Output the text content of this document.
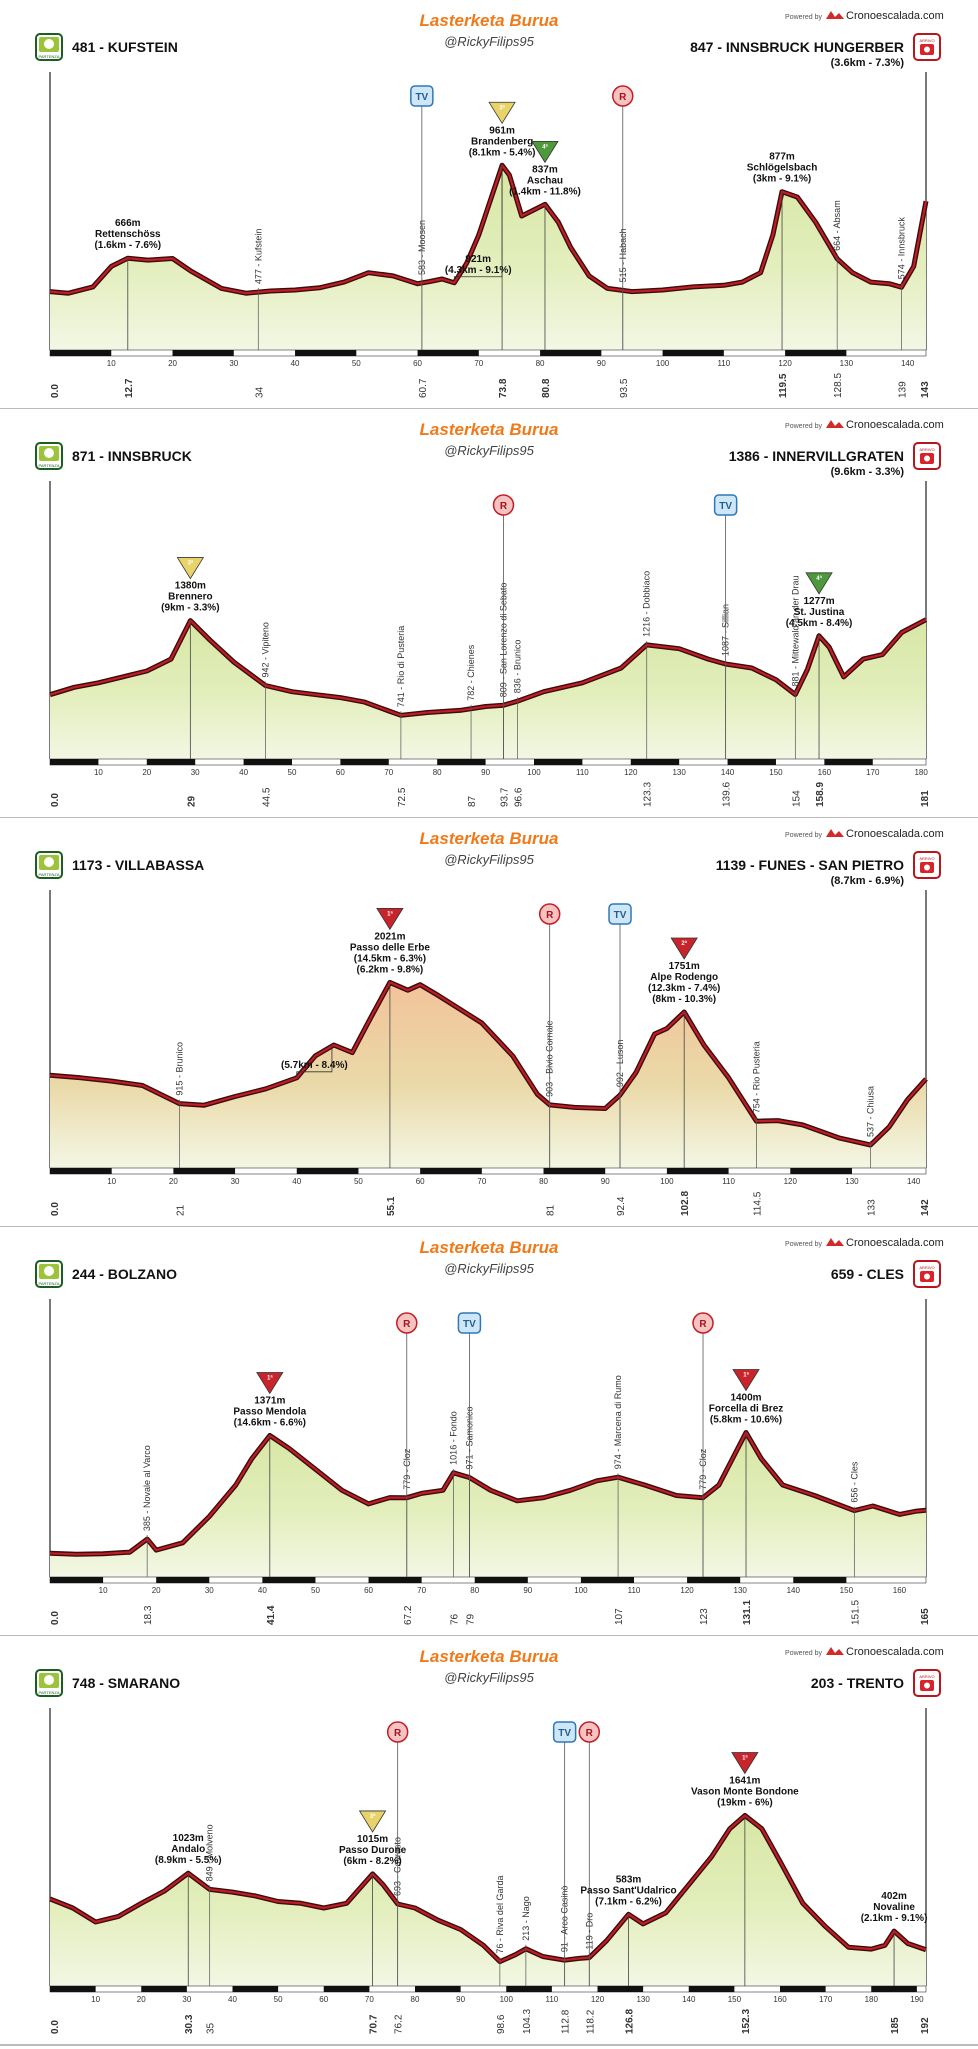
Lasterketa Burua
@RickyFilips95
Powered by Cronoescalada.com
PARTENZA
481 - KUFSTEIN	ARRIVO
847 - INNSBRUCK HUNGERBER
(3.6km - 7.3%)
10	20	30	40	50	60	70	80	90	100	110	120	130	140
0.0	12.7	34	60.7	73.8	80.8	93.5	119.5	128.5	139 143
477 - Kufstein	583 - Moosen	515 - Habach
664 - Absam	574 - Innsbruck
TV	R
666m
Rettenschöss
(1.6km - 7.6%)
961m
Brandenberg
(8.1km - 5.4%)
3ª
921m
(4.3km - 9.1%)
837m
Aschau
(1.4km - 11.8%)
4ª
877m
Schlögelsbach
(3km - 9.1%)
Lasterketa Burua
@RickyFilips95
Powered by Cronoescalada.com
PARTENZA
871 - INNSBRUCK	ARRIVO
1386 - INNERVILLGRATEN
(9.6km - 3.3%)
10	20	30	40	50	60	70	80	90	100	110	120	130	140	150	160	170	180
0.0	29	44.5	72.5	87 93.7 96.6	123.3	139.6	154 158.9	181
942 - Vipiteno	741 - Rio di Pusteria	782 - Chienes 809 - San Lorenzo di Sebato 836 - Brunico
1216 - Dobbiaco	1087 - Sillian	881 - Mittewald an der Drau
R	TV
1380m
Brennero
(9km - 3.3%)
3ª
1277m
St. Justina
(4.5km - 8.4%)
4ª
Lasterketa Burua
@RickyFilips95
Powered by Cronoescalada.com
PARTENZA
1173 - VILLABASSA	ARRIVO
1139 - FUNES - SAN PIETRO
(8.7km - 6.9%)
10	20	30	40	50	60	70	80	90	100	110	120	130	140
0.0	21	55.1	81	92.4	102.8	114.5	133	142
915 - Brunico	903 - Bivio Cornale	992 - Luson	754 - Rio Pusteria	537 - Chiusa
R	TV
2021m
Passo delle Erbe
(14.5km - 6.3%)
(6.2km - 9.8%)
1ª
1751m
Alpe Rodengo
(12.3km - 7.4%)
(8km - 10.3%)
2ª
(5.7km - 8.4%)
Lasterketa Burua
@RickyFilips95
Powered by Cronoescalada.com
PARTENZA
244 - BOLZANO	ARRIVO
659 - CLES
10	20	30	40	50	60	70	80	90	100	110	120	130	140	150	160
0.0	18.3	41.4	67.2	76 79	107	123	131.1	151.5	165
385 - Novale al Varco	779 - Cloz
1016 - Fondo 971 - Samonico	974 - Marcena di Rumo	779 - Cloz	656 - Cles
R	TV	R
1371m
Passo Mendola
(14.6km - 6.6%)
1ª
1400m
Forcella di Brez
(5.8km - 10.6%)
1ª
Lasterketa Burua
@RickyFilips95
Powered by Cronoescalada.com
PARTENZA
748 - SMARANO	ARRIVO
203 - TRENTO
10	20	30	40	50	60	70	80	90	100	110	120	130	140	150	160	170	180	190
0.0	30.3 35	70.7 76.2	98.6 104.3	112.8 118.2	126.8	152.3	185 192
849 - Molveno	693 - Cavrasto
76 - Riva del Garda 213 - Nago	91 - Arco Casinò 119 - Dro
R	TV R
1023m
Andalo
(8.9km - 5.5%)
1015m
Passo Durone
(6km - 8.2%)
3ª
583m
Passo Sant'Udalrico
(7.1km - 6.2%)
1641m
Vason Monte Bondone
(19km - 6%)
1ª
402m
Novaline
(2.1km - 9.1%)
